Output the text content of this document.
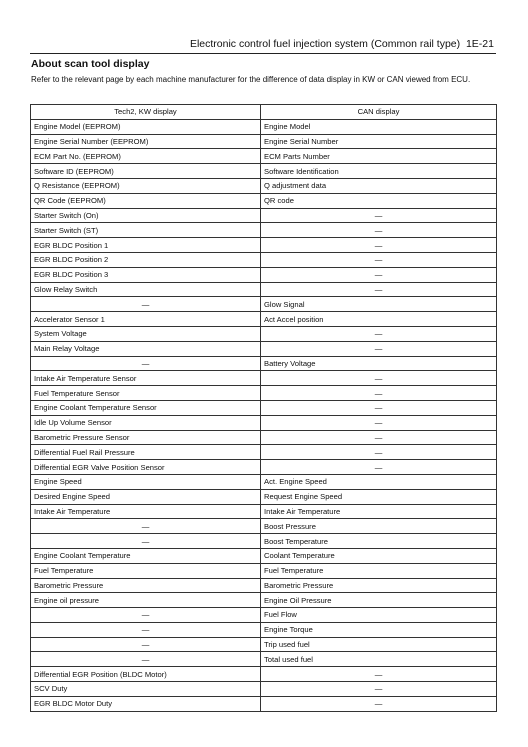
Electronic control fuel injection system (Common rail type) 1E-21
About scan tool display
Refer to the relevant page by each machine manufacturer for the difference of data display in KW or CAN viewed from ECU.
Tech2, KW display	CAN display
Engine Model (EEPROM)	Engine Model
Engine Serial Number (EEPROM)	Engine Serial Number
ECM Part No. (EEPROM)	ECM Parts Number
Software ID (EEPROM)	Software Identification
Q Resistance (EEPROM)	Q adjustment data
QR Code (EEPROM)	QR code
Starter Switch (On)	—
Starter Switch (ST)	—
EGR BLDC Position 1	—
EGR BLDC Position 2	—
EGR BLDC Position 3	—
Glow Relay Switch	—
—	Glow Signal
Accelerator Sensor 1	Act Accel position
System Voltage	—
Main Relay Voltage	—
—	Battery Voltage
Intake Air Temperature Sensor	—
Fuel Temperature Sensor	—
Engine Coolant Temperature Sensor	—
Idle Up Volume Sensor	—
Barometric Pressure Sensor	—
Differential Fuel Rail Pressure	—
Differential EGR Valve Position Sensor	—
Engine Speed	Act. Engine Speed
Desired Engine Speed	Request Engine Speed
Intake Air Temperature	Intake Air Temperature
—	Boost Pressure
—	Boost Temperature
Engine Coolant Temperature	Coolant Temperature
Fuel Temperature	Fuel Temperature
Barometric Pressure	Barometric Pressure
Engine oil pressure	Engine Oil Pressure
—	Fuel Flow
—	Engine Torque
—	Trip used fuel
—	Total used fuel
Differential EGR Position (BLDC Motor)	—
SCV Duty	—
EGR BLDC Motor Duty	—
